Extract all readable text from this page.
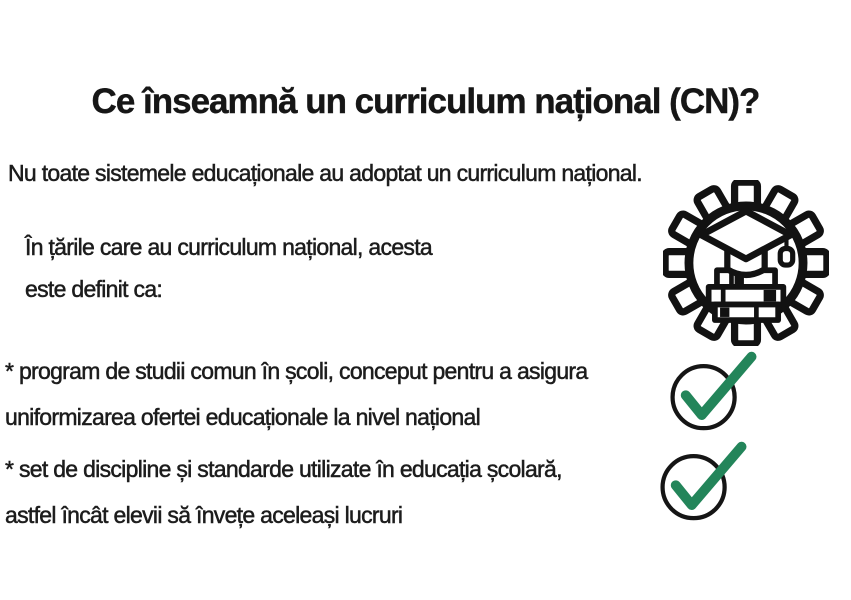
Ce înseamnă un curriculum național (CN)?

Nu toate sistemele educaționale au adoptat un curriculum național.

În țările care au curriculum național, acesta
este definit ca:
* program de studii comun în școli, conceput pentru a asigura
uniformizarea ofertei educaționale la nivel național
* set de discipline și standarde utilizate în educația școlară,
astfel încât elevii să învețe aceleași lucruri
